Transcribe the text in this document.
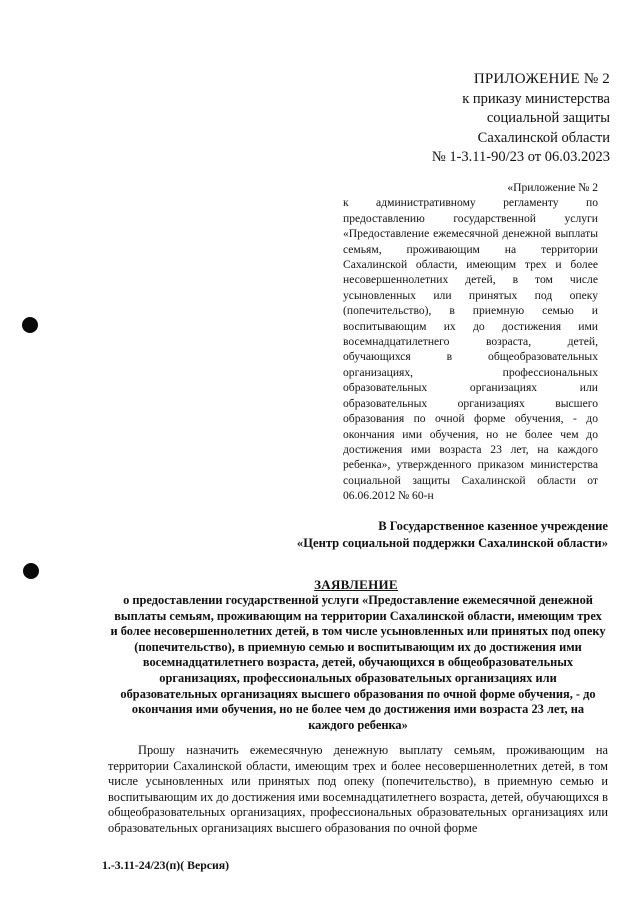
ПРИЛОЖЕНИЕ № 2
к приказу министерства
социальной защиты
Сахалинской области
№ 1-3.11-90/23 от 06.03.2023
«Приложение № 2
к административному регламенту по предоставлению государственной услуги «Предоставление ежемесячной денежной выплаты семьям, проживающим на территории Сахалинской области, имеющим трех и более несовершеннолетних детей, в том числе усыновленных или принятых под опеку (попечительство), в приемную семью и воспитывающим их до достижения ими восемнадцатилетнего возраста, детей, обучающихся в общеобразовательных организациях, профессиональных образовательных организациях или образовательных организациях высшего образования по очной форме обучения, - до окончания ими обучения, но не более чем до достижения ими возраста 23 лет, на каждого ребенка», утвержденного приказом министерства социальной защиты Сахалинской области от 06.06.2012 № 60-н
В Государственное казенное учреждение
«Центр социальной поддержки Сахалинской области»
ЗАЯВЛЕНИЕ
о предоставлении государственной услуги «Предоставление ежемесячной денежной выплаты семьям, проживающим на территории Сахалинской области, имеющим трех и более несовершеннолетних детей, в том числе усыновленных или принятых под опеку (попечительство), в приемную семью и воспитывающим их до достижения ими восемнадцатилетнего возраста, детей, обучающихся в общеобразовательных организациях, профессиональных образовательных организациях или образовательных организациях высшего образования по очной форме обучения, - до окончания ими обучения, но не более чем до достижения ими возраста 23 лет, на каждого ребенка»
Прошу назначить ежемесячную денежную выплату семьям, проживающим на территории Сахалинской области, имеющим трех и более несовершеннолетних детей, в том числе усыновленных или принятых под опеку (попечительство), в приемную семью и воспитывающим их до достижения ими восемнадцатилетнего возраста, детей, обучающихся в общеобразовательных организациях, профессиональных образовательных организациях или образовательных организациях высшего образования по очной форме
1.-3.11-24/23(п)( Версия)
